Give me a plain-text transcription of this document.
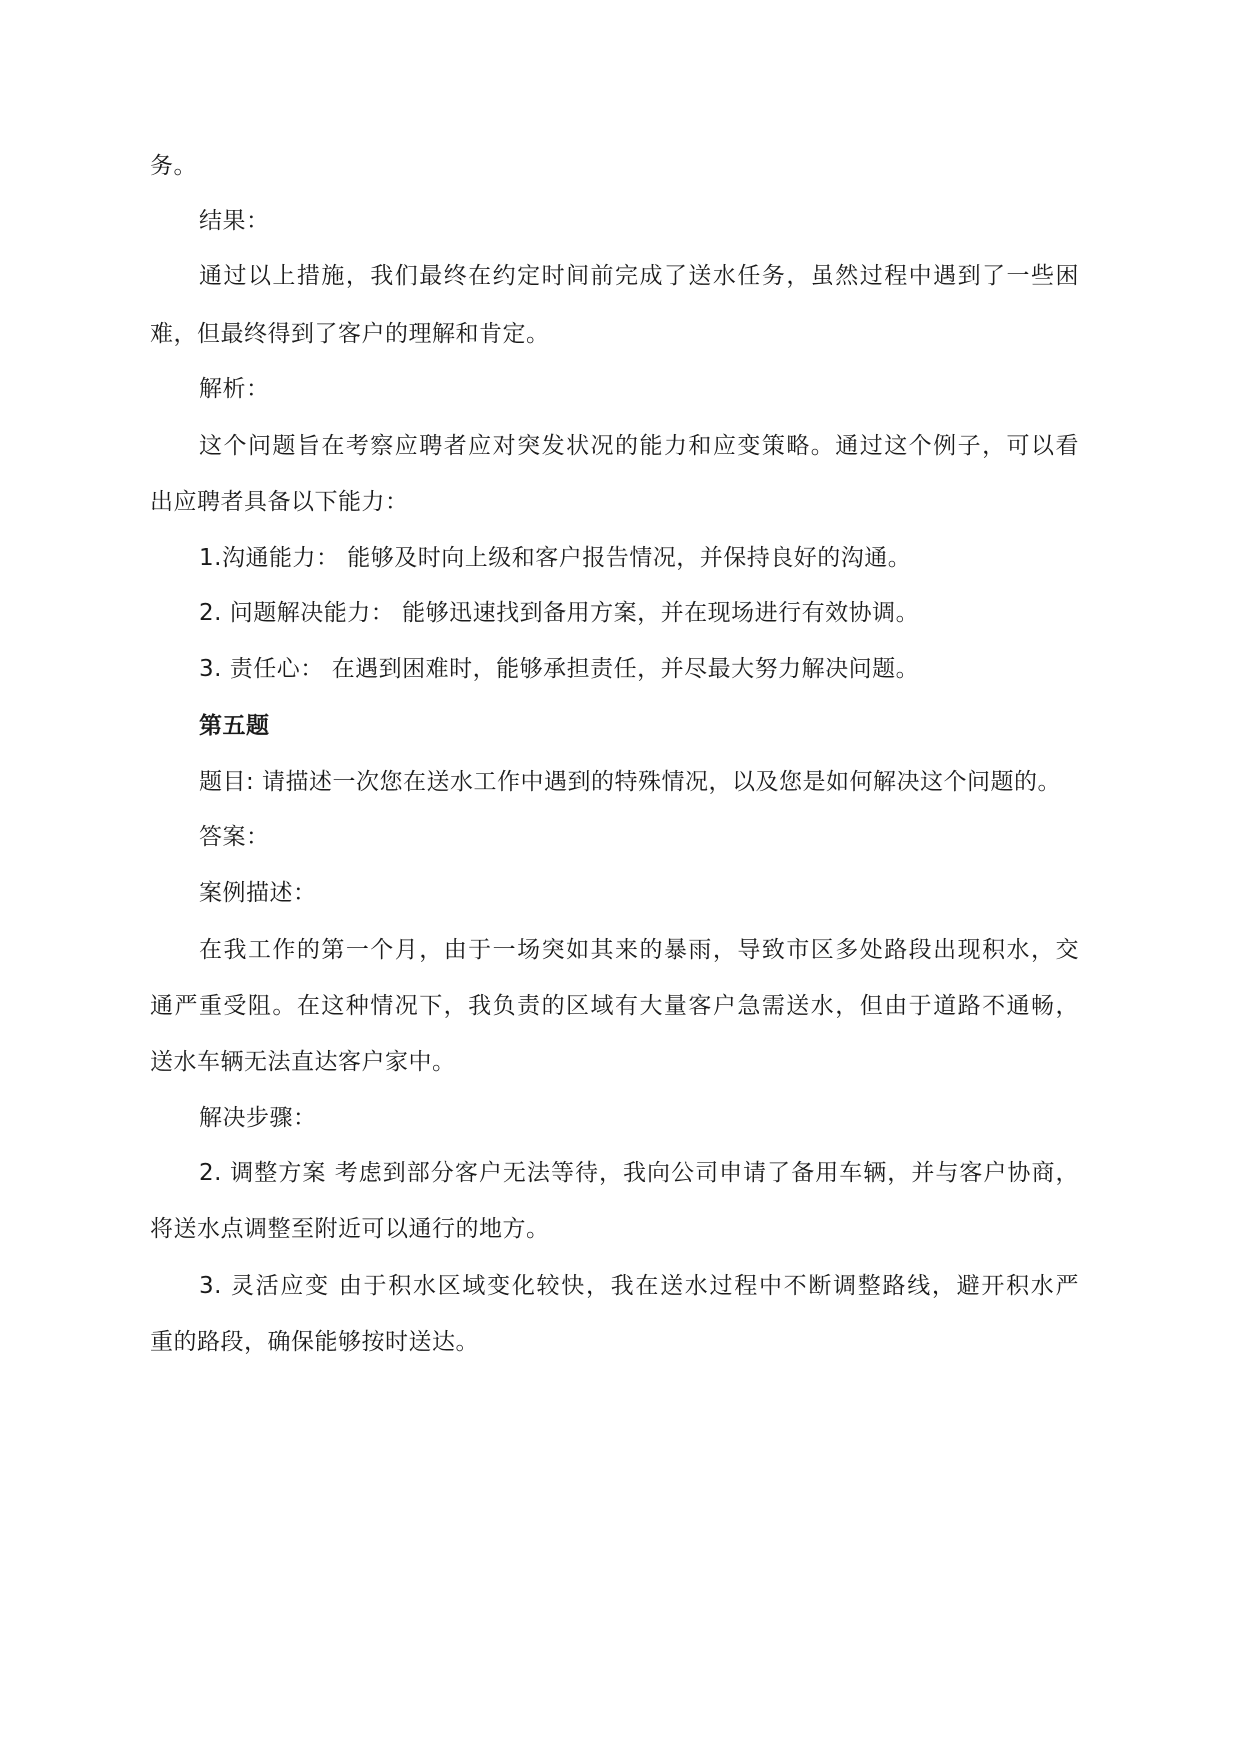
务。
结果：
通过以上措施，我们最终在约定时间前完成了送水任务，虽然过程中遇到了一些困
难，但最终得到了客户的理解和肯定。
解析：
这个问题旨在考察应聘者应对突发状况的能力和应变策略。通过这个例子，可以看
出应聘者具备以下能力：
1.沟通能力： 能够及时向上级和客户报告情况，并保持良好的沟通。
2. 问题解决能力： 能够迅速找到备用方案，并在现场进行有效协调。
3. 责任心： 在遇到困难时，能够承担责任，并尽最大努力解决问题。
第五题
题目: 请描述一次您在送水工作中遇到的特殊情况，以及您是如何解决这个问题的。
答案：
案例描述：
在我工作的第一个月，由于一场突如其来的暴雨，导致市区多处路段出现积水，交
通严重受阻。在这种情况下，我负责的区域有大量客户急需送水，但由于道路不通畅，
送水车辆无法直达客户家中。
解决步骤：
2. 调整方案 考虑到部分客户无法等待，我向公司申请了备用车辆，并与客户协商，
将送水点调整至附近可以通行的地方。
3. 灵活应变 由于积水区域变化较快，我在送水过程中不断调整路线，避开积水严
重的路段，确保能够按时送达。
